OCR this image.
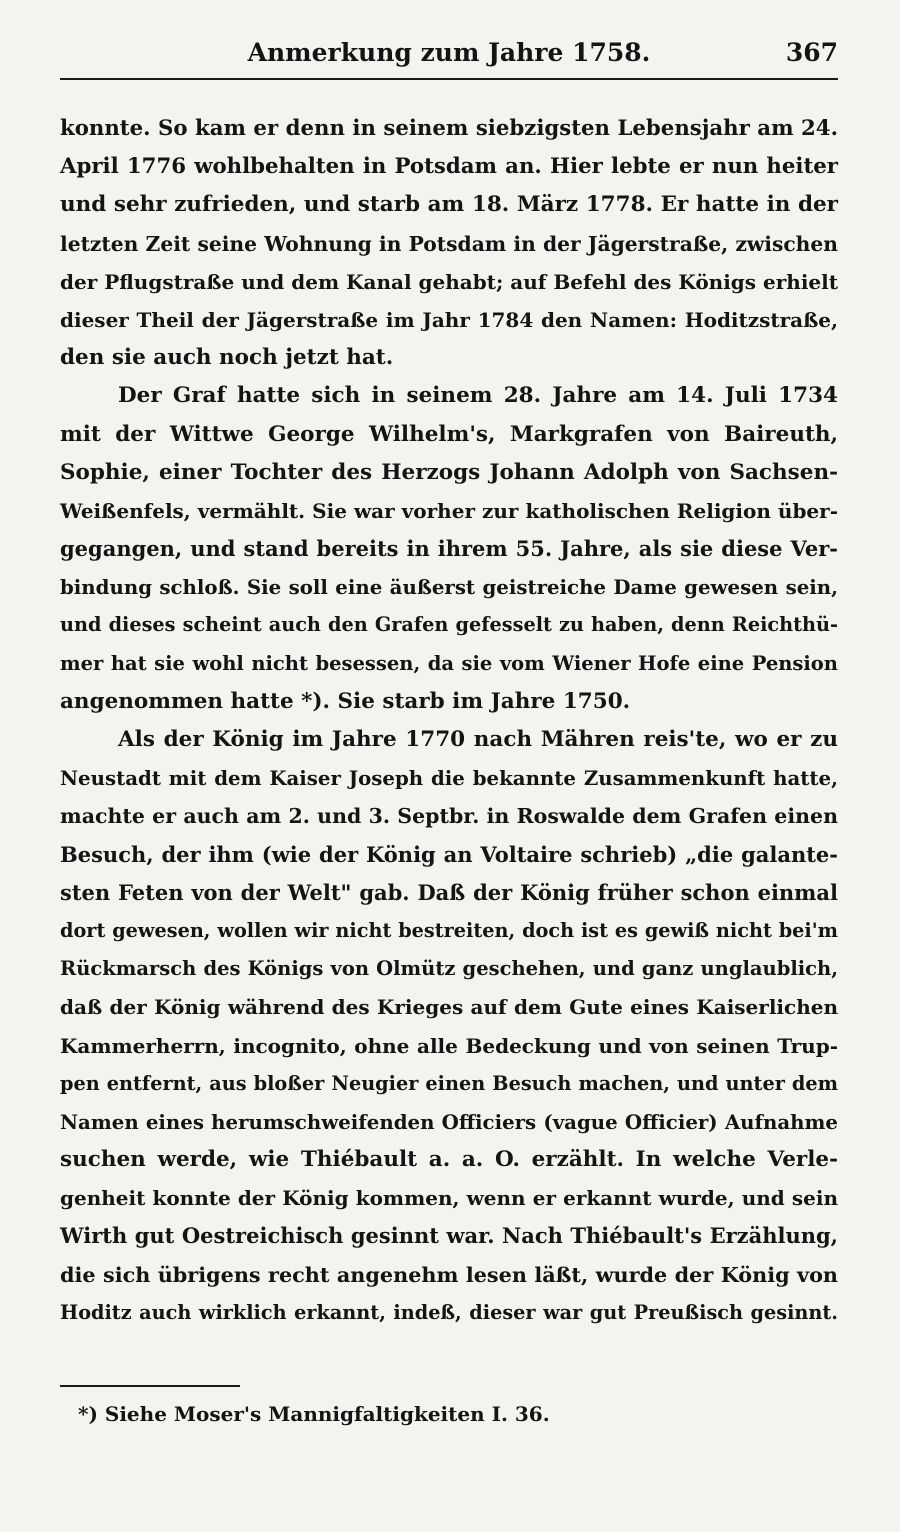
Anmerkung zum Jahre 1758.	367
konnte. So kam er denn in seinem siebzigsten Lebensjahr am 24.
April 1776 wohlbehalten in Potsdam an. Hier lebte er nun heiter
und sehr zufrieden, und starb am 18. März 1778. Er hatte in der
letzten Zeit seine Wohnung in Potsdam in der Jägerstraße, zwischen
der Pflugstraße und dem Kanal gehabt; auf Befehl des Königs erhielt
dieser Theil der Jägerstraße im Jahr 1784 den Namen: Hoditzstraße,
den sie auch noch jetzt hat.
Der Graf hatte sich in seinem 28. Jahre am 14. Juli 1734
mit der Wittwe George Wilhelm's, Markgrafen von Baireuth,
Sophie, einer Tochter des Herzogs Johann Adolph von Sachsen-
Weißenfels, vermählt. Sie war vorher zur katholischen Religion über-
gegangen, und stand bereits in ihrem 55. Jahre, als sie diese Ver-
bindung schloß. Sie soll eine äußerst geistreiche Dame gewesen sein,
und dieses scheint auch den Grafen gefesselt zu haben, denn Reichthü-
mer hat sie wohl nicht besessen, da sie vom Wiener Hofe eine Pension
angenommen hatte *). Sie starb im Jahre 1750.
Als der König im Jahre 1770 nach Mähren reis'te, wo er zu
Neustadt mit dem Kaiser Joseph die bekannte Zusammenkunft hatte,
machte er auch am 2. und 3. Septbr. in Roswalde dem Grafen einen
Besuch, der ihm (wie der König an Voltaire schrieb) „die galante-
sten Feten von der Welt" gab. Daß der König früher schon einmal
dort gewesen, wollen wir nicht bestreiten, doch ist es gewiß nicht bei'm
Rückmarsch des Königs von Olmütz geschehen, und ganz unglaublich,
daß der König während des Krieges auf dem Gute eines Kaiserlichen
Kammerherrn, incognito, ohne alle Bedeckung und von seinen Trup-
pen entfernt, aus bloßer Neugier einen Besuch machen, und unter dem
Namen eines herumschweifenden Officiers (vague Officier) Aufnahme
suchen werde, wie Thiébault a. a. O. erzählt. In welche Verle-
genheit konnte der König kommen, wenn er erkannt wurde, und sein
Wirth gut Oestreichisch gesinnt war. Nach Thiébault's Erzählung,
die sich übrigens recht angenehm lesen läßt, wurde der König von
Hoditz auch wirklich erkannt, indeß, dieser war gut Preußisch gesinnt.
*) Siehe Moser's Mannigfaltigkeiten I. 36.
